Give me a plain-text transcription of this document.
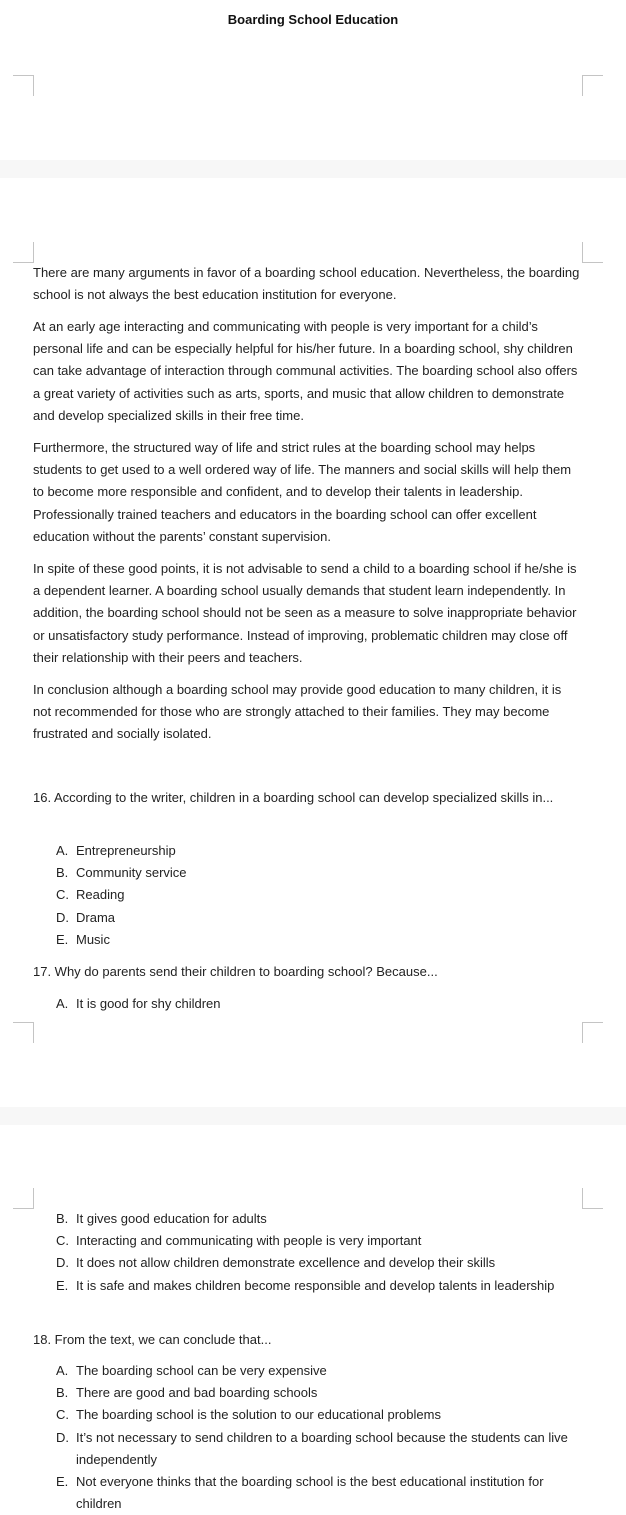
Boarding School Education

There are many arguments in favor of a boarding school education. Nevertheless, the boarding school is not always the best education institution for everyone.

At an early age interacting and communicating with people is very important for a child’s personal life and can be especially helpful for his/her future. In a boarding school, shy children can take advantage of interaction through communal activities. The boarding school also offers a great variety of activities such as arts, sports, and music that allow children to demonstrate and develop specialized skills in their free time.

Furthermore, the structured way of life and strict rules at the boarding school may helps students to get used to a well ordered way of life. The manners and social skills will help them to become more responsible and confident, and to develop their talents in leadership. Professionally trained teachers and educators in the boarding school can offer excellent education without the parents’ constant supervision.

In spite of these good points, it is not advisable to send a child to a boarding school if he/she is a dependent learner. A boarding school usually demands that student learn independently. In addition, the boarding school should not be seen as a measure to solve inappropriate behavior or unsatisfactory study performance. Instead of improving, problematic children may close off their relationship with their peers and teachers.

In conclusion although a boarding school may provide good education to many children, it is not recommended for those who are strongly attached to their families. They may become frustrated and socially isolated.

16. According to the writer, children in a boarding school can develop specialized skills in...

A. Entrepreneurship
B. Community service
C. Reading
D. Drama
E. Music

17. Why do parents send their children to boarding school? Because...

A. It is good for shy children
B. It gives good education for adults
C. Interacting and communicating with people is very important
D. It does not allow children demonstrate excellence and develop their skills
E. It is safe and makes children become responsible and develop talents in leadership

18. From the text, we can conclude that...

A. The boarding school can be very expensive
B. There are good and bad boarding schools
C. The boarding school is the solution to our educational problems
D. It’s not necessary to send children to a boarding school because the students can live independently
E. Not everyone thinks that the boarding school is the best educational institution for children
